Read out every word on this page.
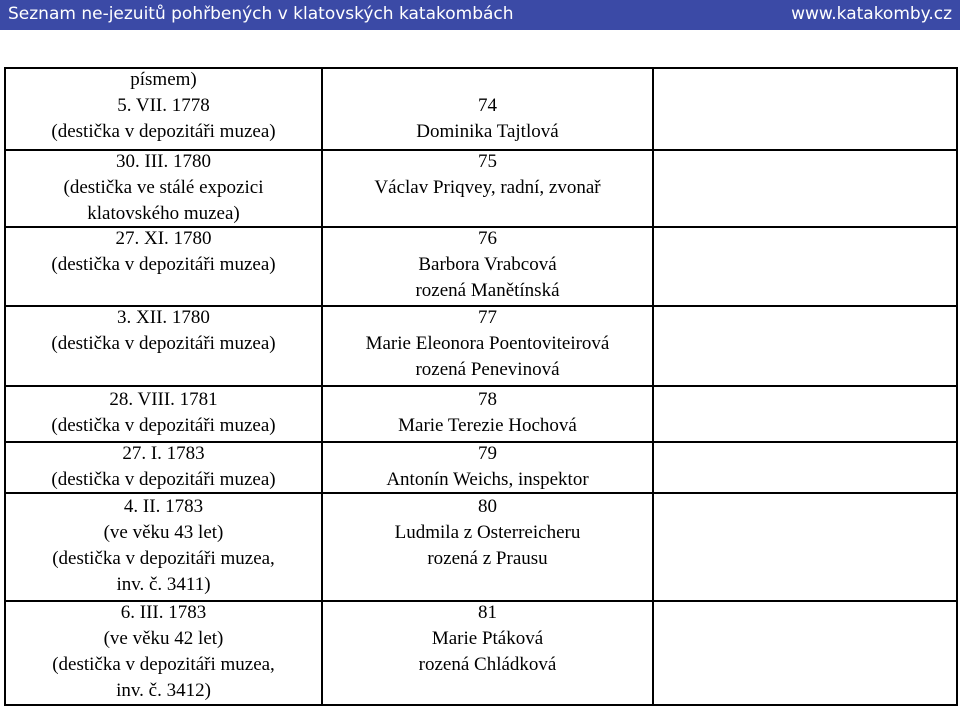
Seznam ne-jezuitů pohřbených v klatovských katakombách	www.katakomby.cz
písmem)
5. VII. 1778
(destička v depozitáři muzea)

74
Dominika Tajtlová
30. III. 1780
(destička ve stálé expozici
klatovského muzea)
75
Václav Priqvey, radní, zvonař
27. XI. 1780
(destička v depozitáři muzea)
76
Barbora Vrabcová
rozená Manětínská
3. XII. 1780
(destička v depozitáři muzea)
77
Marie Eleonora Poentoviteirová
rozená Penevinová
28. VIII. 1781
(destička v depozitáři muzea)
78
Marie Terezie Hochová
27. I. 1783
(destička v depozitáři muzea)
79
Antonín Weichs, inspektor
4. II. 1783
(ve věku 43 let)
(destička v depozitáři muzea,
inv. č. 3411)
80
Ludmila z Osterreicheru
rozená z Prausu
6. III. 1783
(ve věku 42 let)
(destička v depozitáři muzea,
inv. č. 3412)
81
Marie Ptáková
rozená Chládková
